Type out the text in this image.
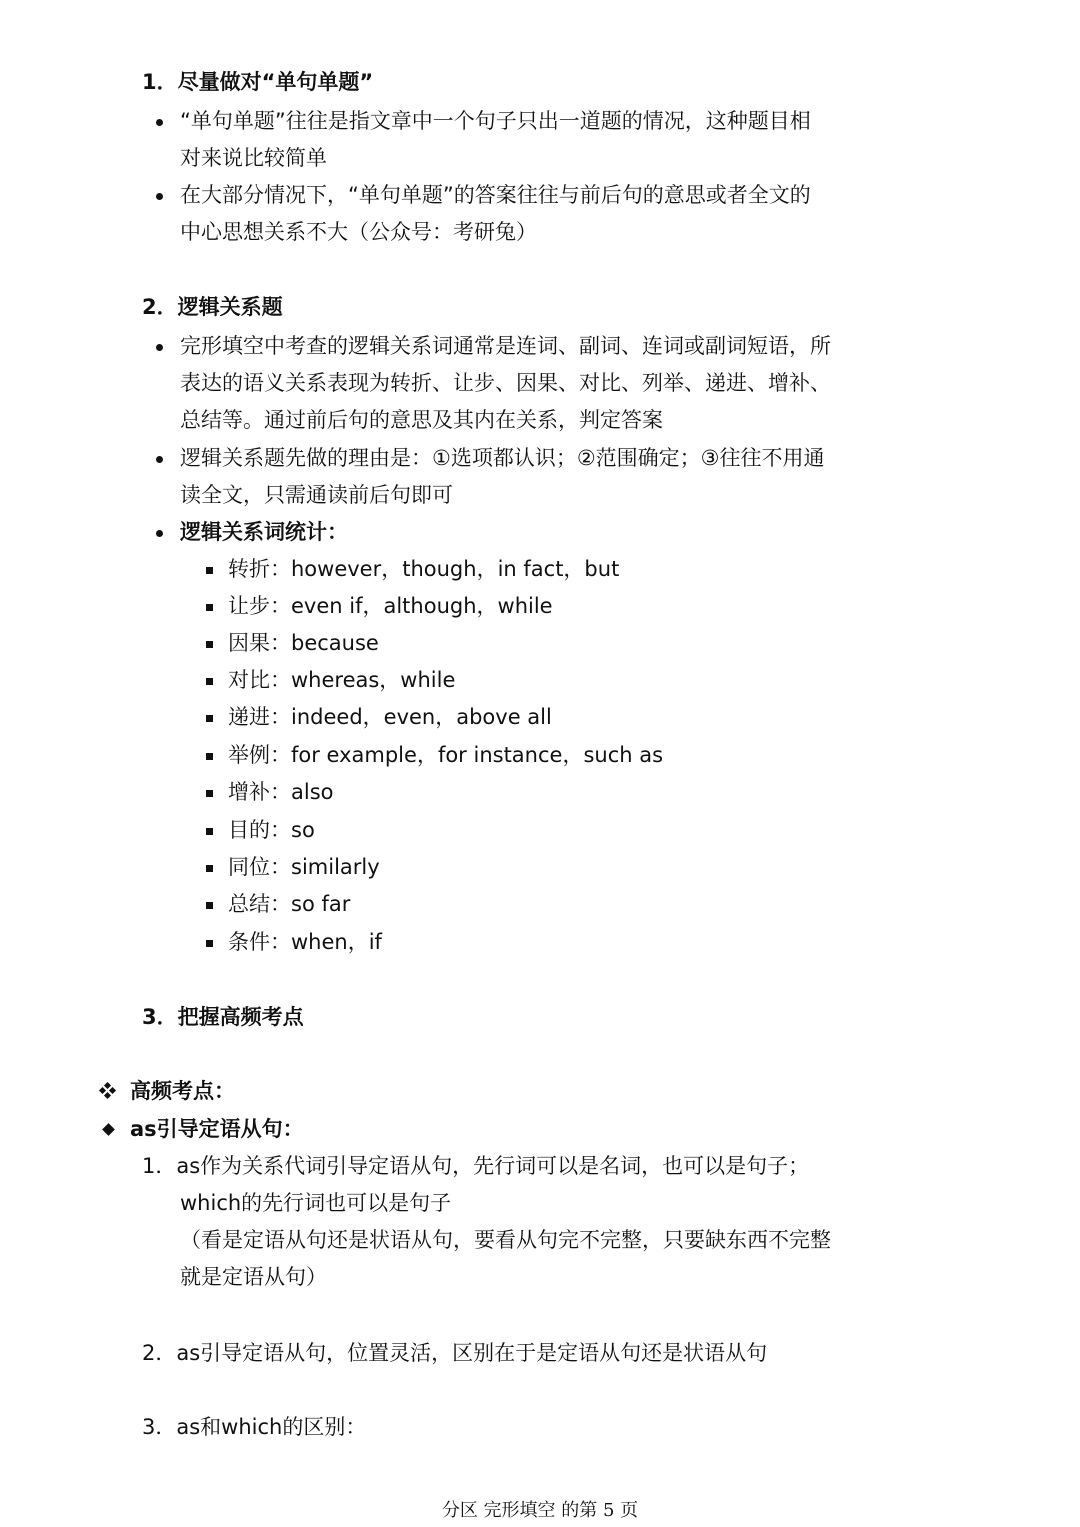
1．尽量做对“单句单题”
“单句单题”往往是指文章中一个句子只出一道题的情况，这种题目相
对来说比较简单
在大部分情况下，“单句单题”的答案往往与前后句的意思或者全文的
中心思想关系不大（公众号：考研兔）
2．逻辑关系题
完形填空中考查的逻辑关系词通常是连词、副词、连词或副词短语，所
表达的语义关系表现为转折、让步、因果、对比、列举、递进、增补、
总结等。通过前后句的意思及其内在关系，判定答案
逻辑关系题先做的理由是：①选项都认识；②范围确定；③往往不用通
读全文，只需通读前后句即可
逻辑关系词统计：
转折：however，though，in fact，but
让步：even if，although，while
因果：because
对比：whereas，while
递进：indeed，even，above all
举例：for example，for instance，such as
增补：also
目的：so
同位：similarly
总结：so far
条件：when，if
3．把握高频考点
高频考点：
as引导定语从句：
1．as作为关系代词引导定语从句，先行词可以是名词，也可以是句子；
which的先行词也可以是句子
（看是定语从句还是状语从句，要看从句完不完整，只要缺东西不完整
就是定语从句）
2．as引导定语从句，位置灵活，区别在于是定语从句还是状语从句
3．as和which的区别：
分区 完形填空 的第 5 页
